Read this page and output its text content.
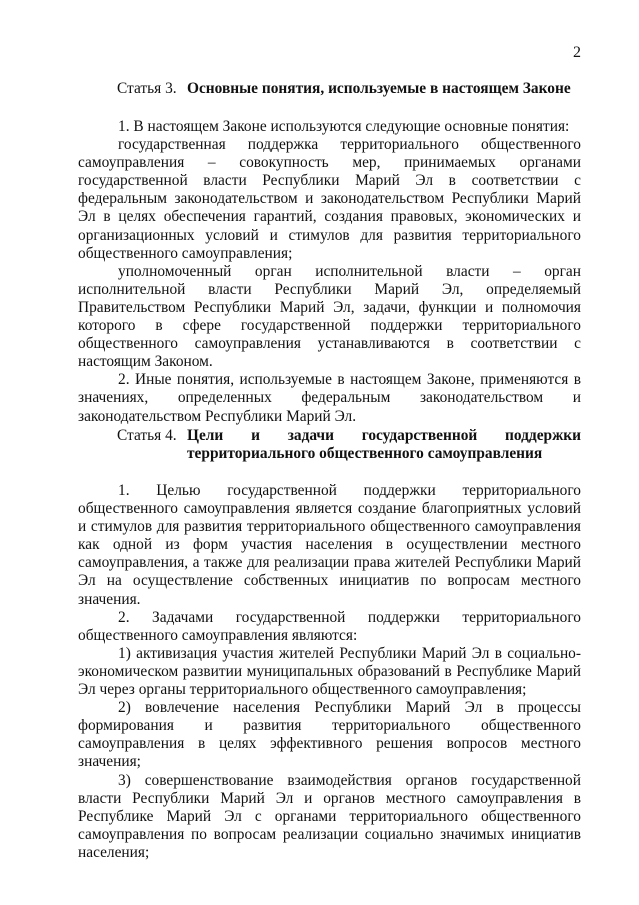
2
Статья 3. Основные понятия, используемые в настоящем Законе

1. В настоящем Законе используются следующие основные понятия:

государственная поддержка территориального общественного самоуправления – совокупность мер, принимаемых органами государственной власти Республики Марий Эл в соответствии с федеральным законодательством и законодательством Республики Марий Эл в целях обеспечения гарантий, создания правовых, экономических и организационных условий и стимулов для развития территориального общественного самоуправления;

уполномоченный орган исполнительной власти – орган исполнительной власти Республики Марий Эл, определяемый Правительством Республики Марий Эл, задачи, функции и полномочия которого в сфере государственной поддержки территориального общественного самоуправления устанавливаются в соответствии с настоящим Законом.

2. Иные понятия, используемые в настоящем Законе, применяются в значениях, определенных федеральным законодательством и законодательством Республики Марий Эл.

Статья 4. Цели и задачи государственной поддержки
территориального общественного самоуправления

1. Целью государственной поддержки территориального общественного самоуправления является создание благоприятных условий и стимулов для развития территориального общественного самоуправления как одной из форм участия населения в осуществлении местного самоуправления, а также для реализации права жителей Республики Марий Эл на осуществление собственных инициатив по вопросам местного значения.

2. Задачами государственной поддержки территориального общественного самоуправления являются:

1) активизация участия жителей Республики Марий Эл в социально-экономическом развитии муниципальных образований в Республике Марий Эл через органы территориального общественного самоуправления;

2) вовлечение населения Республики Марий Эл в процессы формирования и развития территориального общественного самоуправления в целях эффективного решения вопросов местного значения;

3) совершенствование взаимодействия органов государственной власти Республики Марий Эл и органов местного самоуправления в Республике Марий Эл с органами территориального общественного самоуправления по вопросам реализации социально значимых инициатив населения;
